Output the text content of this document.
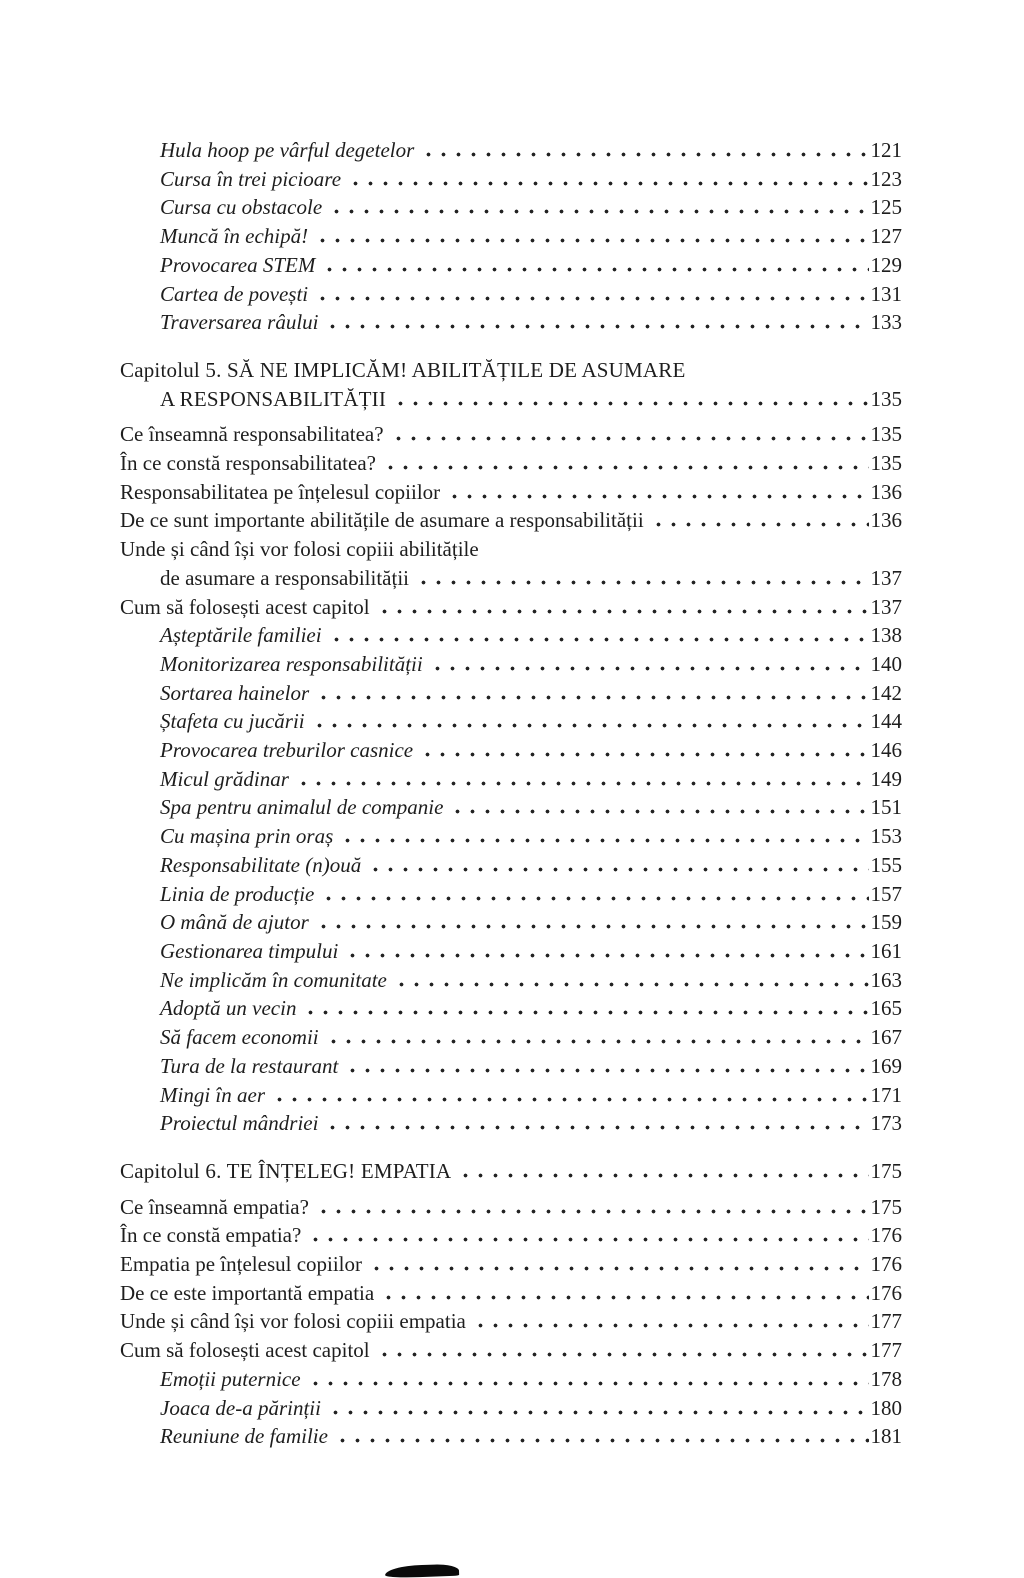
Hula hoop pe vârful degetelor	121
Cursa în trei picioare	123
Cursa cu obstacole	125
Muncă în echipă!	127
Provocarea STEM	129
Cartea de povești	131
Traversarea râului	133
Capitolul 5. SĂ NE IMPLICĂM! ABILITĂȚILE DE ASUMARE
A RESPONSABILITĂȚII	135
Ce înseamnă responsabilitatea?	135
În ce constă responsabilitatea?	135
Responsabilitatea pe înțelesul copiilor	136
De ce sunt importante abilitățile de asumare a responsabilității	136
Unde și când își vor folosi copiii abilitățile
de asumare a responsabilității	137
Cum să folosești acest capitol	137
Așteptările familiei	138
Monitorizarea responsabilității	140
Sortarea hainelor	142
Ștafeta cu jucării	144
Provocarea treburilor casnice	146
Micul grădinar	149
Spa pentru animalul de companie	151
Cu mașina prin oraș	153
Responsabilitate (n)ouă	155
Linia de producție	157
O mână de ajutor	159
Gestionarea timpului	161
Ne implicăm în comunitate	163
Adoptă un vecin	165
Să facem economii	167
Tura de la restaurant	169
Mingi în aer	171
Proiectul mândriei	173
Capitolul 6. TE ÎNȚELEG! EMPATIA	175
Ce înseamnă empatia?	175
În ce constă empatia?	176
Empatia pe înțelesul copiilor	176
De ce este importantă empatia	176
Unde și când își vor folosi copiii empatia	177
Cum să folosești acest capitol	177
Emoții puternice	178
Joaca de-a părinții	180
Reuniune de familie	181
